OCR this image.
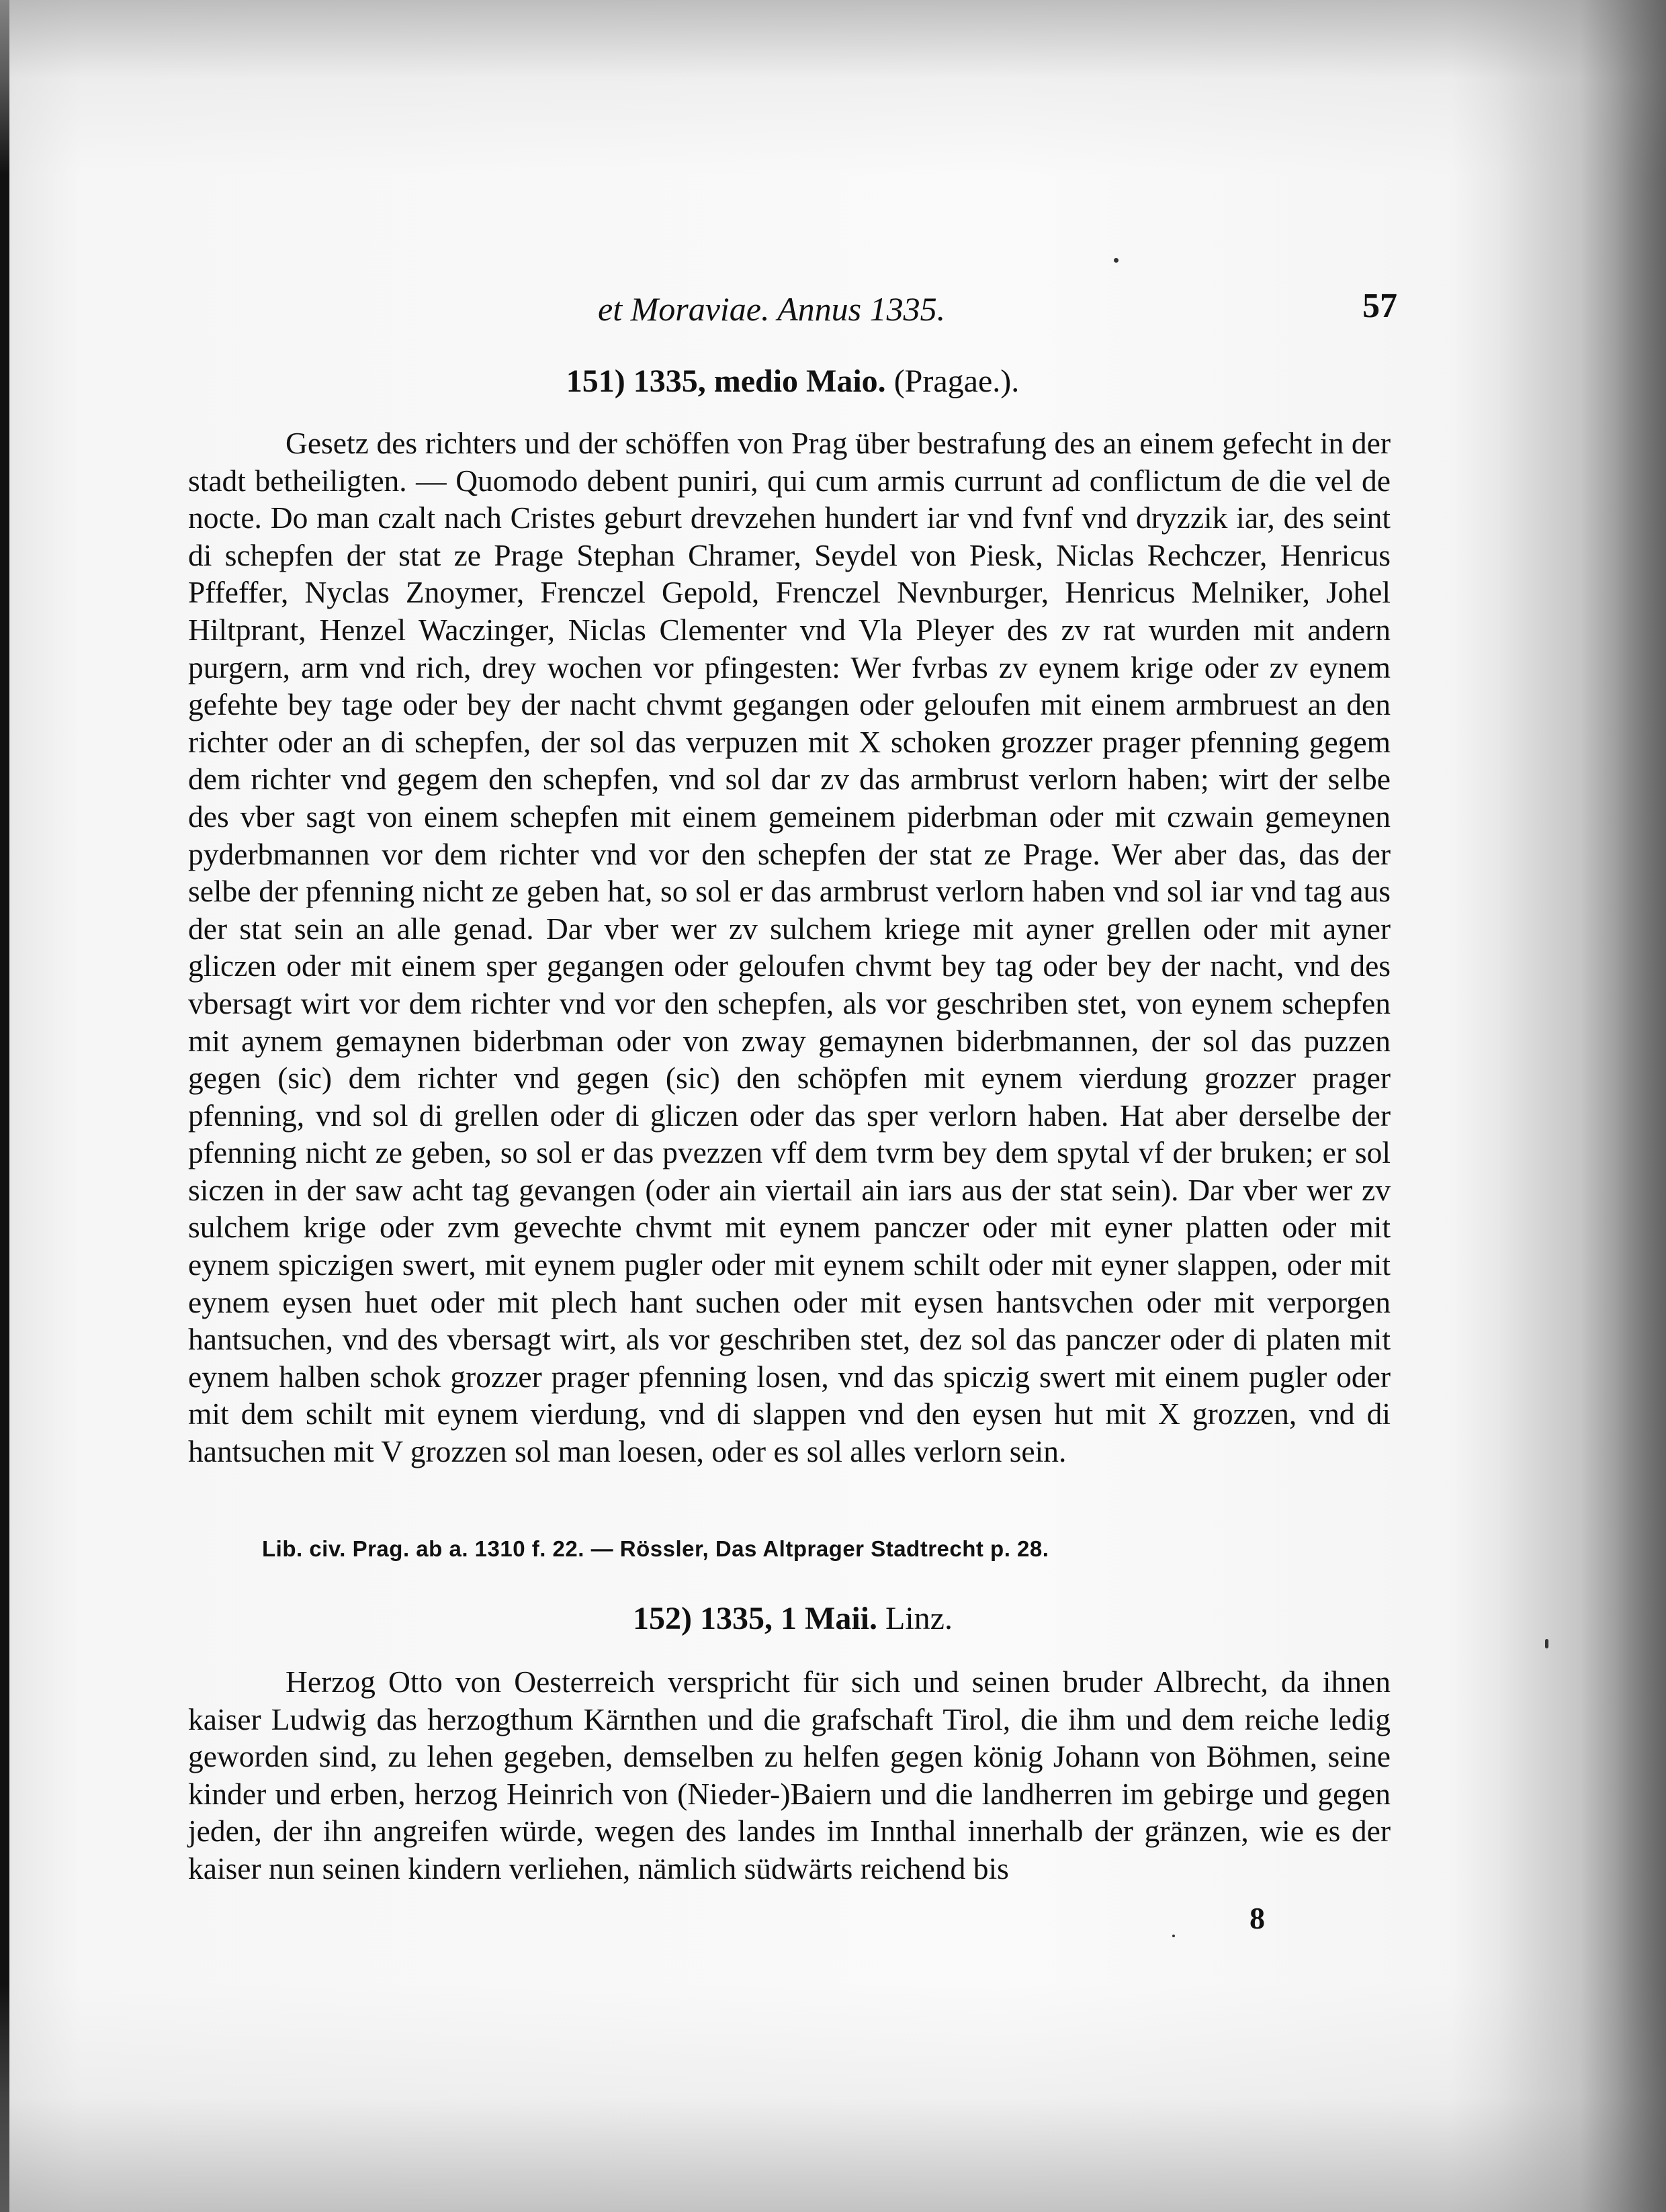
et Moraviae. Annus 1335.	57
151) 1335, medio Maio. (Pragae.).

Gesetz des richters und der schöffen von Prag über bestrafung des an einem gefecht in der stadt betheiligten. — Quomodo debent puniri, qui cum armis currunt ad conflictum de die vel de nocte. Do man czalt nach Cristes geburt drevzehen hundert iar vnd fvnf vnd dryzzik iar, des seint di schepfen der stat ze Prage Stephan Chramer, Seydel von Piesk, Niclas Rechczer, Henricus Pffeffer, Nyclas Znoymer, Frenczel Gepold, Frenczel Nevnburger, Henricus Melniker, Johel Hiltprant, Henzel Waczinger, Niclas Clementer vnd Vla Pleyer des zv rat wurden mit andern purgern, arm vnd rich, drey wochen vor pfingesten: Wer fvrbas zv eynem krige oder zv eynem gefehte bey tage oder bey der nacht chvmt gegangen oder geloufen mit einem armbruest an den richter oder an di schepfen, der sol das verpuzen mit X schoken grozzer prager pfenning gegem dem richter vnd gegem den schepfen, vnd sol dar zv das armbrust verlorn haben; wirt der selbe des vber sagt von einem schepfen mit einem gemeinem piderbman oder mit czwain gemeynen pyderbmannen vor dem richter vnd vor den schepfen der stat ze Prage. Wer aber das, das der selbe der pfenning nicht ze geben hat, so sol er das armbrust verlorn haben vnd sol iar vnd tag aus der stat sein an alle genad. Dar vber wer zv sulchem kriege mit ayner grellen oder mit ayner gliczen oder mit einem sper gegangen oder geloufen chvmt bey tag oder bey der nacht, vnd des vbersagt wirt vor dem richter vnd vor den schepfen, als vor geschriben stet, von eynem schepfen mit aynem gemaynen biderbman oder von zway gemaynen biderbmannen, der sol das puzzen gegen (sic) dem richter vnd gegen (sic) den schöpfen mit eynem vierdung grozzer prager pfenning, vnd sol di grellen oder di gliczen oder das sper verlorn haben. Hat aber derselbe der pfenning nicht ze geben, so sol er das pvezzen vff dem tvrm bey dem spytal vf der bruken; er sol siczen in der saw acht tag gevangen (oder ain viertail ain iars aus der stat sein). Dar vber wer zv sulchem krige oder zvm gevechte chvmt mit eynem panczer oder mit eyner platten oder mit eynem spiczigen swert, mit eynem pugler oder mit eynem schilt oder mit eyner slappen, oder mit eynem eysen huet oder mit plech hant suchen oder mit eysen hantsvchen oder mit verporgen hantsuchen, vnd des vbersagt wirt, als vor geschriben stet, dez sol das panczer oder di platen mit eynem halben schok grozzer prager pfenning losen, vnd das spiczig swert mit einem pugler oder mit dem schilt mit eynem vierdung, vnd di slappen vnd den eysen hut mit X grozzen, vnd di hantsuchen mit V grozzen sol man loesen, oder es sol alles verlorn sein.

Lib. civ. Prag. ab a. 1310 f. 22. — Rössler, Das Altprager Stadtrecht p. 28.
152) 1335, 1 Maii. Linz.

Herzog Otto von Oesterreich verspricht für sich und seinen bruder Albrecht, da ihnen kaiser Ludwig das herzogthum Kärnthen und die grafschaft Tirol, die ihm und dem reiche ledig geworden sind, zu lehen gegeben, demselben zu helfen gegen könig Johann von Böhmen, seine kinder und erben, herzog Heinrich von (Nieder-)Baiern und die landherren im gebirge und gegen jeden, der ihn angreifen würde, wegen des landes im Innthal innerhalb der gränzen, wie es der kaiser nun seinen kindern verliehen, nämlich südwärts reichend bis

8
